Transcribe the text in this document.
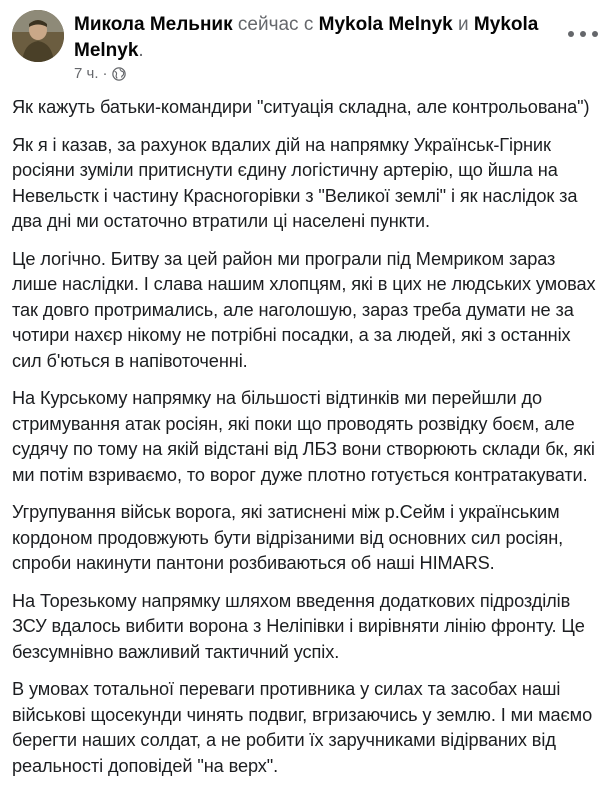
Микола Мельник сейчас с Mykola Melnyk и Mykola Melnyk.
7 ч. ·

Як кажуть батьки-командири "ситуація складна, але контрольована")

Як я і казав, за рахунок вдалих дій на напрямку Українськ-Гірник росіяни зуміли притиснути єдину логістичну артерію, що йшла на Невельстк і частину Красногорівки з "Великої землі" і як наслідок за два дні ми остаточно втратили ці населені пункти.

Це логічно. Битву за цей район ми програли під Мемриком зараз лише наслідки. І слава нашим хлопцям, які в цих не людських умовах так довго протримались, але наголошую, зараз треба думати не за чотири нахєр нікому не потрібні посадки, а за людей, які з останніх сил б'ються в напівоточенні.

На Курському напрямку на більшості відтинків ми перейшли до стримування атак росіян, які поки що проводять розвідку боєм, але судячу по тому на якій відстані від ЛБЗ вони створюють склади бк, які ми потім взриваємо, то ворог дуже плотно готується контратакувати.

Угрупування військ ворога, які затиснені між р.Сейм і українським кордоном продовжують бути відрізаними від основних сил росіян, спроби накинути пантони розбиваються об наші HIMARS.

На Торезькому напрямку шляхом введення додаткових підрозділів ЗСУ вдалось вибити ворона з Неліпівки і вирівняти лінію фронту. Це безсумнівно важливий тактичний успіх.

В умовах тотальної переваги противника у силах та засобах наші військові щосекунди чинять подвиг, вгризаючись у землю. І ми маємо берегти наших солдат, а не робити їх заручниками відірваних від реальності доповідей "на верх".
